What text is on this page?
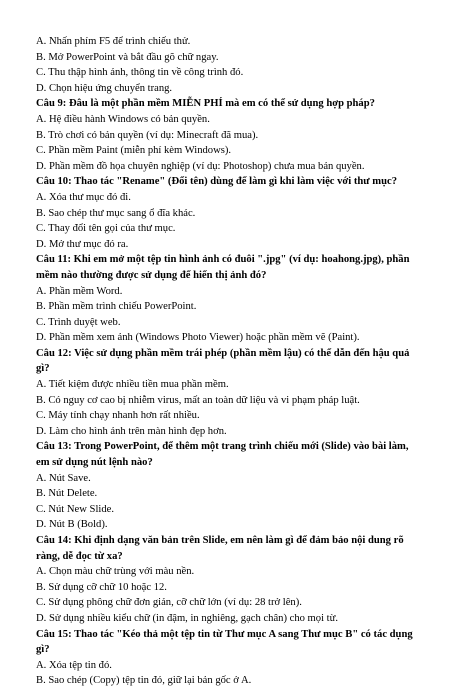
A. Nhấn phím F5 để trình chiếu thử.
B. Mở PowerPoint và bắt đầu gõ chữ ngay.
C. Thu thập hình ảnh, thông tin về công trình đó.
D. Chọn hiệu ứng chuyển trang.
Câu 9: Đâu là một phần mềm MIỄN PHÍ mà em có thể sử dụng hợp pháp?
A. Hệ điều hành Windows có bản quyền.
B. Trò chơi có bản quyền (ví dụ: Minecraft đã mua).
C. Phần mềm Paint (miễn phí kèm Windows).
D. Phần mềm đồ họa chuyên nghiệp (ví dụ: Photoshop) chưa mua bản quyền.
Câu 10: Thao tác "Rename" (Đổi tên) dùng để làm gì khi làm việc với thư mục?
A. Xóa thư mục đó đi.
B. Sao chép thư mục sang ổ đĩa khác.
C. Thay đổi tên gọi của thư mục.
D. Mở thư mục đó ra.
Câu 11: Khi em mở một tệp tin hình ảnh có đuôi ".jpg" (ví dụ: hoahong.jpg), phần mềm nào thường được sử dụng để hiển thị ảnh đó?
A. Phần mềm Word.
B. Phần mềm trình chiếu PowerPoint.
C. Trình duyệt web.
D. Phần mềm xem ảnh (Windows Photo Viewer) hoặc phần mềm vẽ (Paint).
Câu 12: Việc sử dụng phần mềm trái phép (phần mềm lậu) có thể dẫn đến hậu quả gì?
A. Tiết kiệm được nhiều tiền mua phần mềm.
B. Có nguy cơ cao bị nhiễm virus, mất an toàn dữ liệu và vi phạm pháp luật.
C. Máy tính chạy nhanh hơn rất nhiều.
D. Làm cho hình ảnh trên màn hình đẹp hơn.
Câu 13: Trong PowerPoint, để thêm một trang trình chiếu mới (Slide) vào bài làm, em sử dụng nút lệnh nào?
A. Nút Save.
B. Nút Delete.
C. Nút New Slide.
D. Nút B (Bold).
Câu 14: Khi định dạng văn bản trên Slide, em nên làm gì để đảm bảo nội dung rõ ràng, dễ đọc từ xa?
A. Chọn màu chữ trùng với màu nền.
B. Sử dụng cỡ chữ 10 hoặc 12.
C. Sử dụng phông chữ đơn giản, cỡ chữ lớn (ví dụ: 28 trở lên).
D. Sử dụng nhiều kiểu chữ (in đậm, in nghiêng, gạch chân) cho mọi từ.
Câu 15: Thao tác "Kéo thả một tệp tin từ Thư mục A sang Thư mục B" có tác dụng gì?
A. Xóa tệp tin đó.
B. Sao chép (Copy) tệp tin đó, giữ lại bản gốc ở A.
